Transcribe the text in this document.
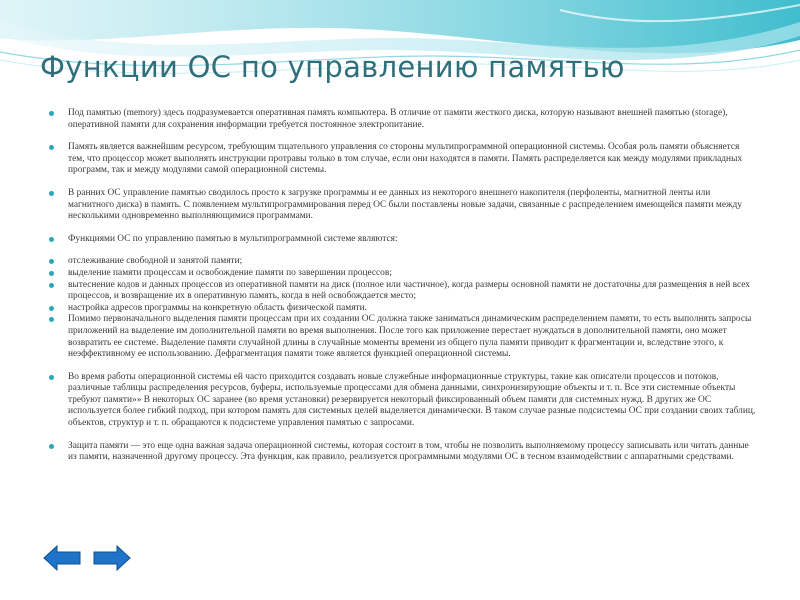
Функции ОС по управлению памятью

Под памятью (memory) здесь подразумевается оперативная память компьютера. В отличие от памяти жесткого диска, которую называют внешней памятью (storage), оперативной памяти для сохранения информации требуется постоянное электропитание.

Память является важнейшим ресурсом, требующим тщательного управления со стороны мультипрограммной операционной системы. Особая роль памяти объясняется тем, что процессор может выполнять инструкции протравы только в том случае, если они находятся в памяти. Память распределяется как между модулями прикладных программ, так и между модулями самой операционной системы.

В ранних ОС управление памятью сводилось просто к загрузке программы и ее данных из некоторого внешнего накопителя (перфоленты, магнитной ленты или магнитного диска) в память. С появлением мультипрограммирования перед ОС были поставлены новые задачи, связанные с распределением имеющейся памяти между несколькими одновременно выполняющимися программами.

Функциями ОС по управлению памятью в мультипрограммной системе являются:

отслеживание свободной и занятой памяти;

выделение памяти процессам и освобождение памяти по завершении процессов;

вытеснение кодов и данных процессов из оперативной памяти на диск (полное или частичное), когда размеры основной памяти не достаточны для размещения в ней всех процессов, и возвращение их в оперативную память, когда в ней освобождается место;

настройка адресов программы на конкретную область физической памяти.

Помимо первоначального выделения памяти процессам при их создании ОС должна также заниматься динамическим распределением памяти, то есть выполнять запросы приложений на выделение им дополнительной памяти во время выполнения. После того как приложение перестает нуждаться в дополнительной памяти, оно может возвратить ее системе. Выделение памяти случайной длины в случайные моменты времени из общего пула памяти приводит к фрагментации и, вследствие этого, к неэффективному ее использованию. Дефрагментация памяти тоже является функцией операционной системы.

Во время работы операционной системы ей часто приходится создавать новые служебные информационные структуры, такие как описатели процессов и потоков, различные таблицы распределения ресурсов, буферы, используемые процессами для обмена данными, синхронизирующие объекты и т. п. Все эти системные объекты требуют памяти»» В некоторых ОС заранее (во время установки) резервируется некоторый фиксированный объем памяти для системных нужд. В других же ОС используется более гибкий подход, при котором память для системных целей выделяется динамически. В таком случае разные подсистемы ОС при создании своих таблиц, объектов, структур и т. п. обращаются к подсистеме управления памятью с запросами.

Защита памяти — это еще одна важная задача операционной системы, которая состоит в том, чтобы не позволить выполняемому процессу записывать или читать данные из памяти, назначенной другому процессу. Эта функция, как правило, реализуется программными модулями ОС в тесном взаимодействии с аппаратными средствами.
